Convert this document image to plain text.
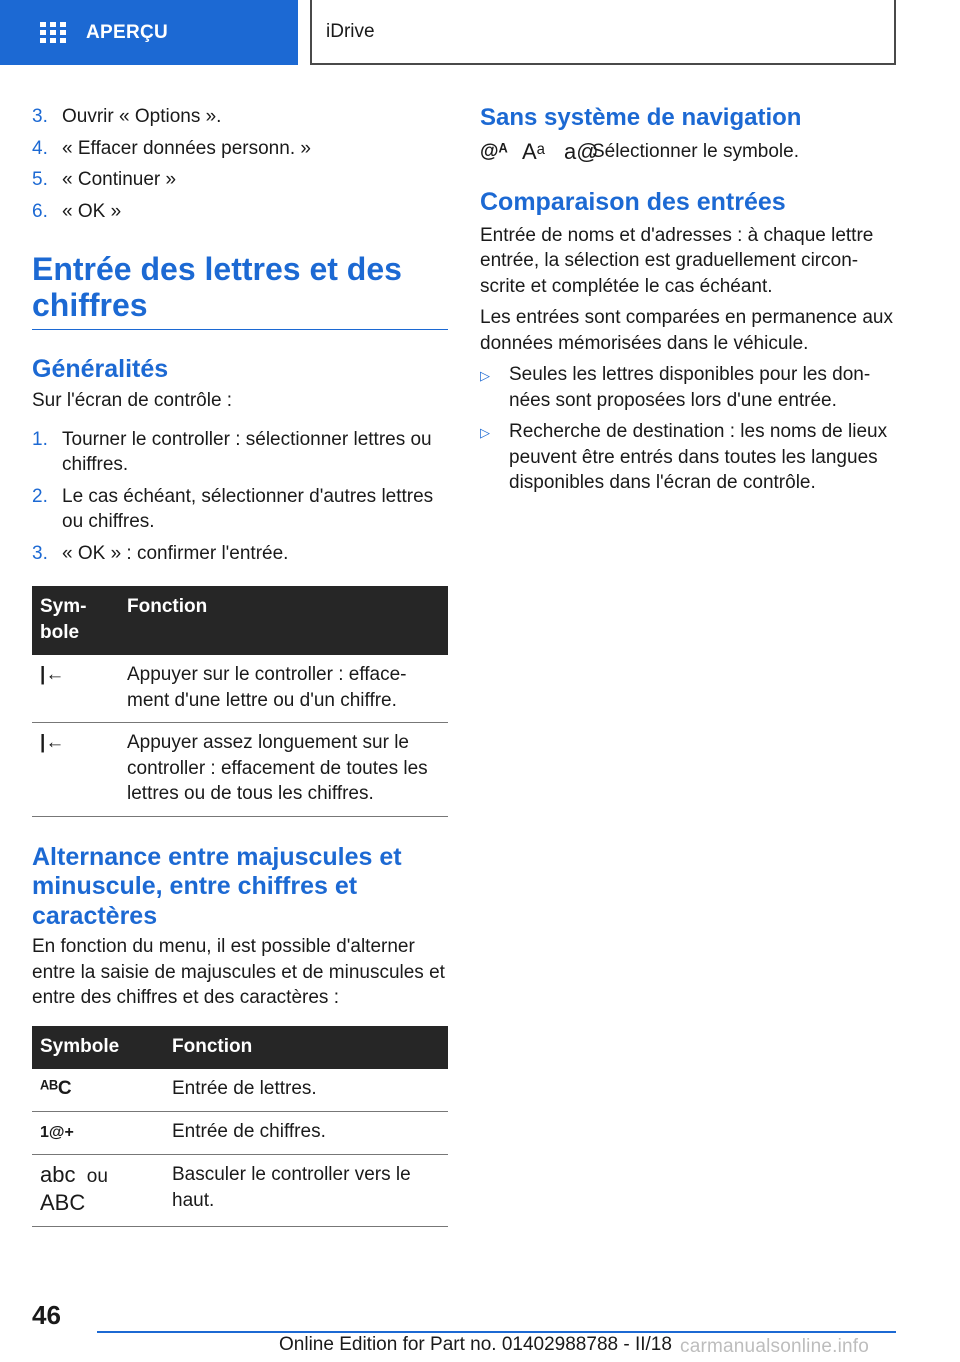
APERÇU	iDrive
3. Ouvrir « Options ».
4. « Effacer données personn. »
5. « Continuer »
6. « OK »
Entrée des lettres et des
chiffres
Généralités
Sur l'écran de contrôle :
1. Tourner le controller : sélectionner lettres ou chiffres.
2. Le cas échéant, sélectionner d'autres lettres ou chiffres.
3. « OK » : confirmer l'entrée.
Sym-
bole	Fonction
|←	Appuyer sur le controller : efface-ment d'une lettre ou d'un chiffre.
|←	Appuyer assez longuement sur le controller : effacement de toutes les lettres ou de tous les chiffres.
Alternance entre majuscules et minuscule, entre chiffres et caractères
En fonction du menu, il est possible d'alterner entre la saisie de majuscules et de minuscules et entre des chiffres et des caractères :
Symbole	Fonction
ᴬᴮC	Entrée de lettres.
1@+	Entrée de chiffres.
abc ou
ABC	Basculer le controller vers le haut.
Sans système de navigation
@ᴬ Aᵃ a@
Sélectionner le symbole.
Comparaison des entrées
Entrée de noms et d'adresses : à chaque lettre entrée, la sélection est graduellement circon-scrite et complétée le cas échéant.
Les entrées sont comparées en permanence aux données mémorisées dans le véhicule.
▷	Seules les lettres disponibles pour les don-nées sont proposées lors d'une entrée.
▷	Recherche de destination : les noms de lieux peuvent être entrés dans toutes les langues disponibles dans l'écran de contrôle.
46
Online Edition for Part no. 01402988788 - II/18 carmanualsonline.info
